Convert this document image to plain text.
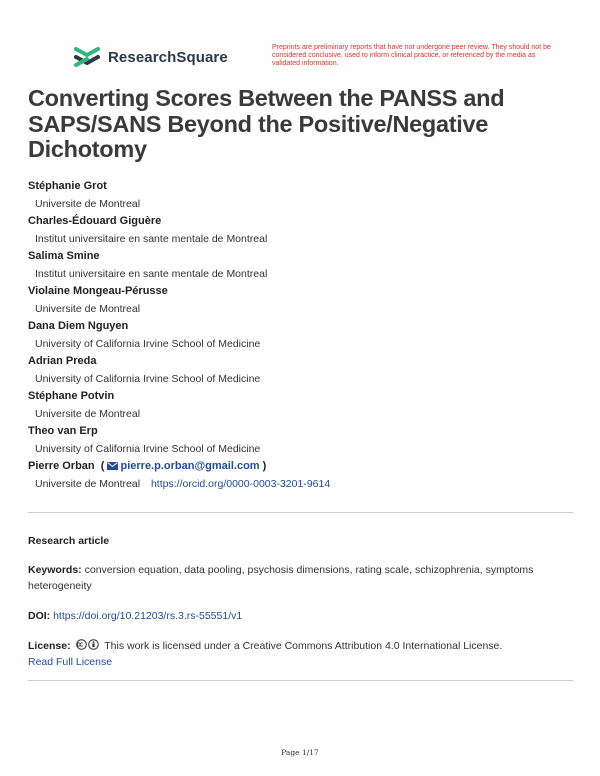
ResearchSquare
Preprints are preliminary reports that have not undergone peer review. They should not be considered conclusive, used to inform clinical practice, or referenced by the media as validated information.
Converting Scores Between the PANSS and SAPS/SANS Beyond the Positive/Negative Dichotomy
Stéphanie Grot
Universite de Montreal
Charles-Édouard Giguère
Institut universitaire en sante mentale de Montreal
Salima Smine
Institut universitaire en sante mentale de Montreal
Violaine Mongeau-Pérusse
Universite de Montreal
Dana Diem Nguyen
University of California Irvine School of Medicine
Adrian Preda
University of California Irvine School of Medicine
Stéphane Potvin
Universite de Montreal
Theo van Erp
University of California Irvine School of Medicine
Pierre Orban  ( pierre.p.orban@gmail.com )
Universite de Montreal https://orcid.org/0000-0003-3201-9614
Research article
Keywords: conversion equation, data pooling, psychosis dimensions, rating scale, schizophrenia, symptoms heterogeneity
DOI: https://doi.org/10.21203/rs.3.rs-55551/v1
License:	This work is licensed under a Creative Commons Attribution 4.0 International License.
Read Full License
Page 1/17
